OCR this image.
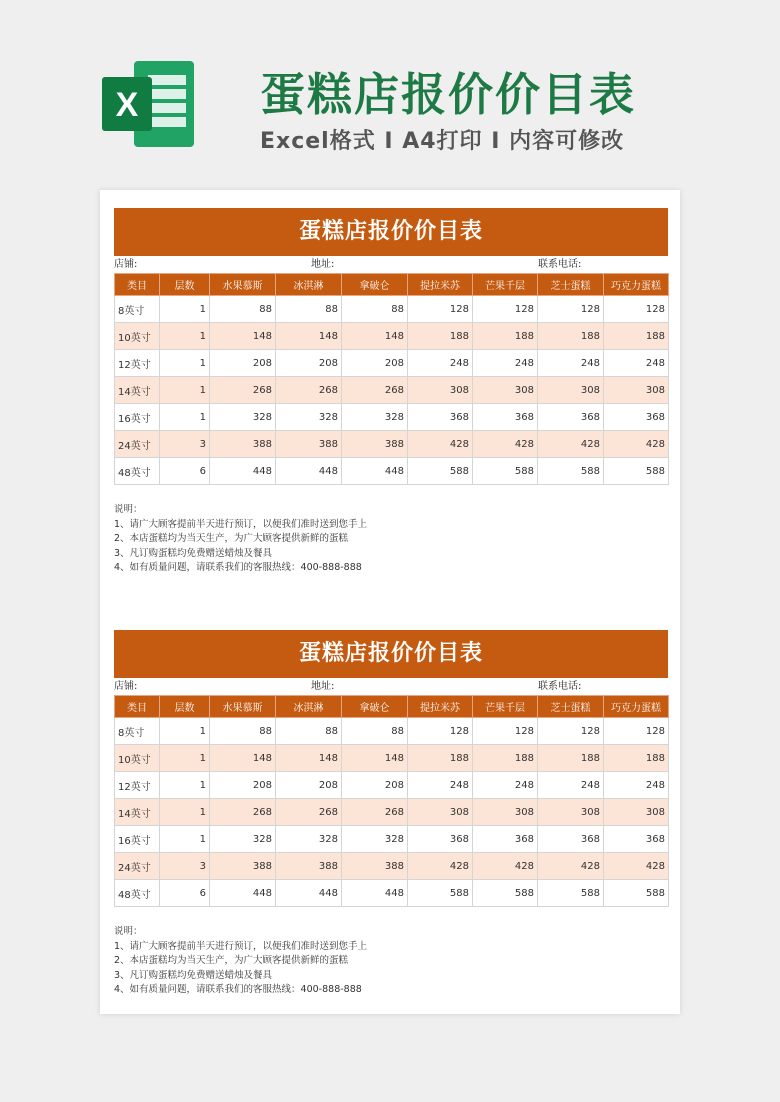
X	蛋糕店报价价目表
Excel格式 I A4打印 I 内容可修改
蛋糕店报价价目表
店铺:	地址:	联系电话:
类目	层数	水果慕斯	冰淇淋	拿破仑	提拉米苏	芒果千层	芝士蛋糕	巧克力蛋糕
8英寸	1	88	88	88	128	128	128	128
10英寸	1	148	148	148	188	188	188	188
12英寸	1	208	208	208	248	248	248	248
14英寸	1	268	268	268	308	308	308	308
16英寸	1	328	328	328	368	368	368	368
24英寸	3	388	388	388	428	428	428	428
48英寸	6	448	448	448	588	588	588	588
说明：
1、请广大顾客提前半天进行预订，以便我们准时送到您手上
2、本店蛋糕均为当天生产，为广大顾客提供新鲜的蛋糕
3、凡订购蛋糕均免费赠送蜡烛及餐具
4、如有质量问题，请联系我们的客服热线：400-888-888
蛋糕店报价价目表
店铺:	地址:	联系电话:
类目	层数	水果慕斯	冰淇淋	拿破仑	提拉米苏	芒果千层	芝士蛋糕	巧克力蛋糕
8英寸	1	88	88	88	128	128	128	128
10英寸	1	148	148	148	188	188	188	188
12英寸	1	208	208	208	248	248	248	248
14英寸	1	268	268	268	308	308	308	308
16英寸	1	328	328	328	368	368	368	368
24英寸	3	388	388	388	428	428	428	428
48英寸	6	448	448	448	588	588	588	588
说明：
1、请广大顾客提前半天进行预订，以便我们准时送到您手上
2、本店蛋糕均为当天生产，为广大顾客提供新鲜的蛋糕
3、凡订购蛋糕均免费赠送蜡烛及餐具
4、如有质量问题，请联系我们的客服热线：400-888-888
